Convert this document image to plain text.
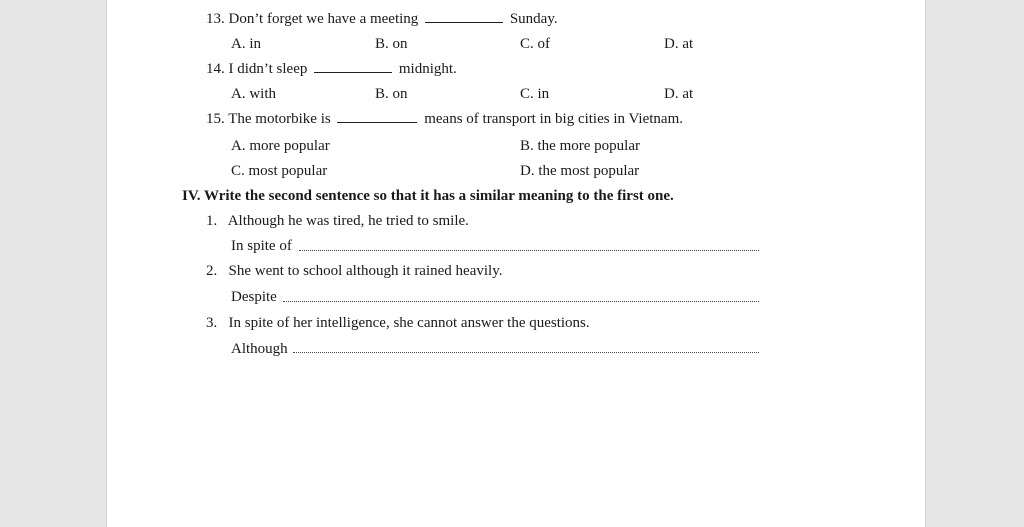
13. Don’t forget we have a meeting	Sunday.
A. in	B. on	C. of	D. at
14. I didn’t sleep	midnight.
A. with	B. on	C. in	D. at
15. The motorbike is	means of transport in big cities in Vietnam.
A. more popular	B. the more popular
C. most popular	D. the most popular
IV. Write the second sentence so that it has a similar meaning to the first one.
1. Although he was tired, he tried to smile.
In spite of
2. She went to school although it rained heavily.
Despite
3. In spite of her intelligence, she cannot answer the questions.
Although
